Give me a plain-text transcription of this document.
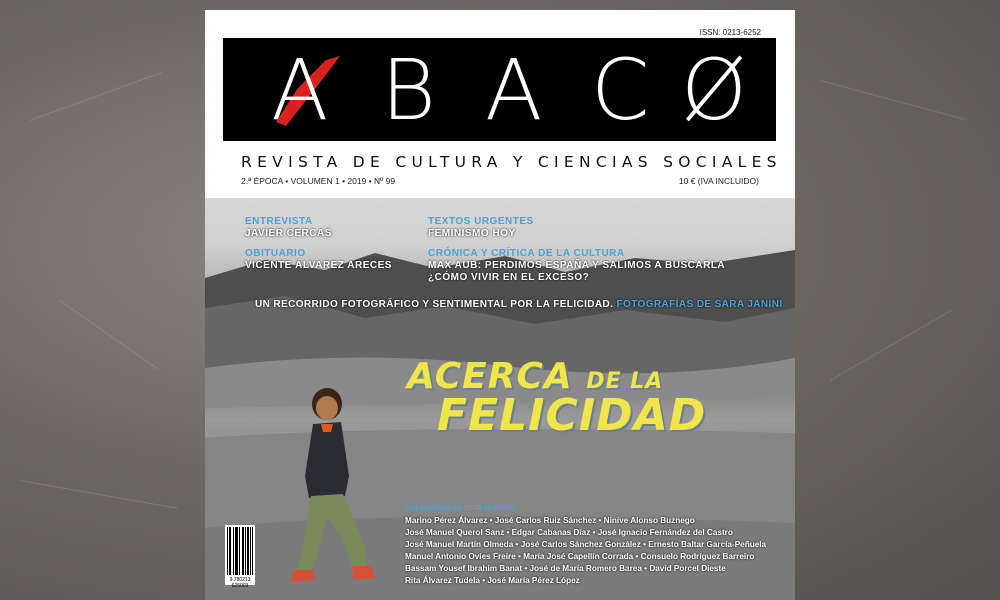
ISSN: 0213-6252
A B A C Ø
REVISTA DE CULTURA Y CIENCIAS SOCIALES
2.ª ÉPOCA • VOLUMEN 1 • 2019 • Nº 99	10 € (IVA INCLUIDO)
ENTREVISTA
JAVIER CERCAS
OBITUARIO
VICENTE ÁLVAREZ ARECES
TEXTOS URGENTES
FEMINISMO HOY
CRÓNICA Y CRÍTICA DE LA CULTURA
MAX AUB: PERDIMOS ESPAÑA Y SALIMOS A BUSCARLA
¿CÓMO VIVIR EN EL EXCESO?
UN RECORRIDO FOTOGRÁFICO Y SENTIMENTAL POR LA FELICIDAD. FOTOGRAFÍAS DE SARA JANINI
ACERCA DE LA
FELICIDAD
COLABORAN EN ESTE NÚMERO
Marino Pérez Álvarez • José Carlos Ruiz Sánchez • Ninive Alonso Buznego
José Manuel Querol Sanz • Edgar Cabanas Díaz • José Ignacio Fernández del Castro
José Manuel Martín Olmeda • José Carlos Sánchez González • Ernesto Baltar García-Peñuela
Manuel Antonio Ovies Freire • María José Capellín Corrada • Consuelo Rodríguez Barreiro
Bassam Yousef Ibrahim Banat • José de María Romero Barea • David Porcel Dieste
Rita Álvarez Tudela • José María Pérez López
9 780213 625003
